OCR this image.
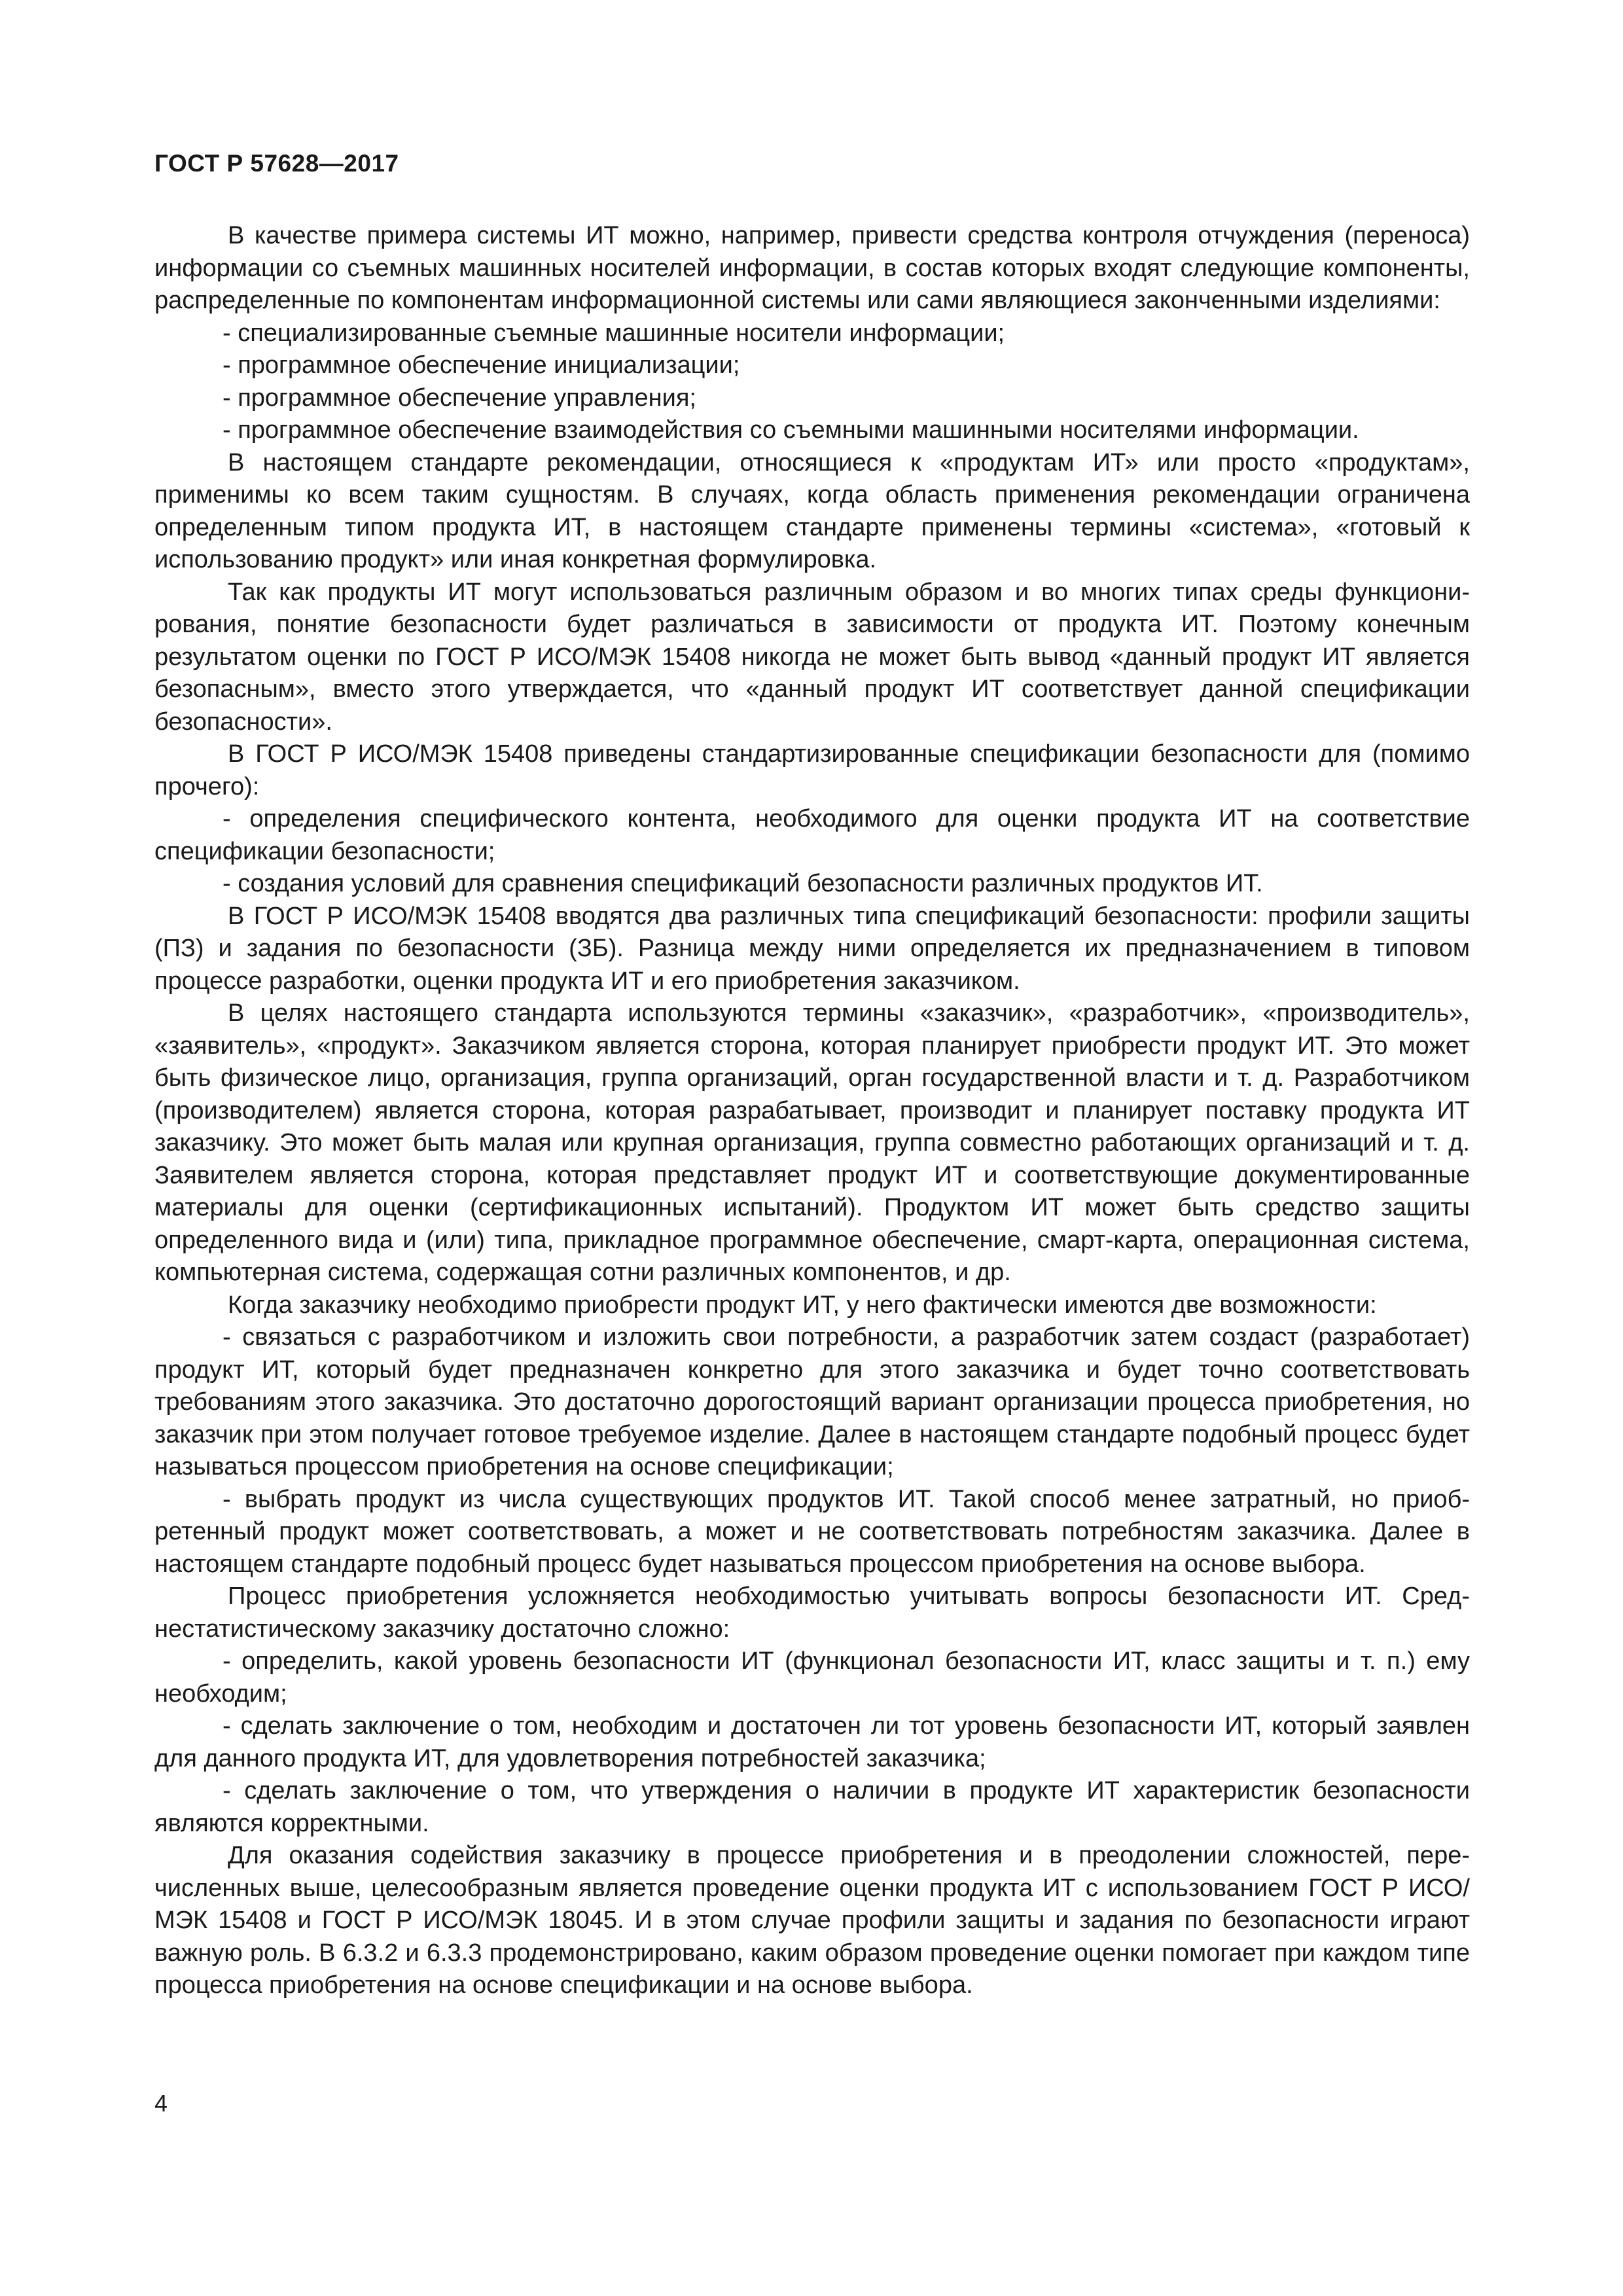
ГОСТ Р 57628—2017

В качестве примера системы ИТ можно, например, привести средства контроля отчуждения (переноса) информации со съемных машинных носителей информации, в состав которых входят следующие компоненты, распределенные по компонентам информационной системы или сами являющиеся законченными изделиями:

- специализированные съемные машинные носители информации;

- программное обеспечение инициализации;

- программное обеспечение управления;

- программное обеспечение взаимодействия со съемными машинными носителями информации.

В настоящем стандарте рекомендации, относящиеся к «продуктам ИТ» или просто «продуктам», применимы ко всем таким сущностям. В случаях, когда область применения рекомендации ограничена определенным типом продукта ИТ, в настоящем стандарте применены термины «система», «готовый к использованию продукт» или иная конкретная формулировка.

Так как продукты ИТ могут использоваться различным образом и во многих типах среды функционирования, понятие безопасности будет различаться в зависимости от продукта ИТ. Поэтому конечным результатом оценки по ГОСТ Р ИСО/МЭК 15408 никогда не может быть вывод «данный продукт ИТ является безопасным», вместо этого утверждается, что «данный продукт ИТ соответствует данной спецификации безопасности».

В ГОСТ Р ИСО/МЭК 15408 приведены стандартизированные спецификации безопасности для (помимо прочего):

- определения специфического контента, необходимого для оценки продукта ИТ на соответствие спецификации безопасности;

- создания условий для сравнения спецификаций безопасности различных продуктов ИТ.

В ГОСТ Р ИСО/МЭК 15408 вводятся два различных типа спецификаций безопасности: профили защиты (ПЗ) и задания по безопасности (ЗБ). Разница между ними определяется их предназначением в типовом процессе разработки, оценки продукта ИТ и его приобретения заказчиком.

В целях настоящего стандарта используются термины «заказчик», «разработчик», «производитель», «заявитель», «продукт». Заказчиком является сторона, которая планирует приобрести продукт ИТ. Это может быть физическое лицо, организация, группа организаций, орган государственной власти и т. д. Разработчиком (производителем) является сторона, которая разрабатывает, производит и планирует поставку продукта ИТ заказчику. Это может быть малая или крупная организация, группа совместно работающих организаций и т. д. Заявителем является сторона, которая представляет продукт ИТ и соответствующие документированные материалы для оценки (сертификационных испытаний). Продуктом ИТ может быть средство защиты определенного вида и (или) типа, прикладное программное обеспечение, смарт-карта, операционная система, компьютерная система, содержащая сотни различных компонентов, и др.

Когда заказчику необходимо приобрести продукт ИТ, у него фактически имеются две возможности:

- связаться с разработчиком и изложить свои потребности, а разработчик затем создаст (разработает) продукт ИТ, который будет предназначен конкретно для этого заказчика и будет точно соответствовать требованиям этого заказчика. Это достаточно дорогостоящий вариант организации процесса приобретения, но заказчик при этом получает готовое требуемое изделие. Далее в настоящем стандарте подобный процесс будет называться процессом приобретения на основе спецификации;

- выбрать продукт из числа существующих продуктов ИТ. Такой способ менее затратный, но приобретенный продукт может соответствовать, а может и не соответствовать потребностям заказчика. Далее в настоящем стандарте подобный процесс будет называться процессом приобретения на основе выбора.

Процесс приобретения усложняется необходимостью учитывать вопросы безопасности ИТ. Среднестатистическому заказчику достаточно сложно:

- определить, какой уровень безопасности ИТ (функционал безопасности ИТ, класс защиты и т. п.) ему необходим;

- сделать заключение о том, необходим и достаточен ли тот уровень безопасности ИТ, который заявлен для данного продукта ИТ, для удовлетворения потребностей заказчика;

- сделать заключение о том, что утверждения о наличии в продукте ИТ характеристик безопасности являются корректными.

Для оказания содействия заказчику в процессе приобретения и в преодолении сложностей, перечисленных выше, целесообразным является проведение оценки продукта ИТ с использованием ГОСТ Р ИСО/МЭК 15408 и ГОСТ Р ИСО/МЭК 18045. И в этом случае профили защиты и задания по безопасности играют важную роль. В 6.3.2 и 6.3.3 продемонстрировано, каким образом проведение оценки помогает при каждом типе процесса приобретения на основе спецификации и на основе выбора.

4
